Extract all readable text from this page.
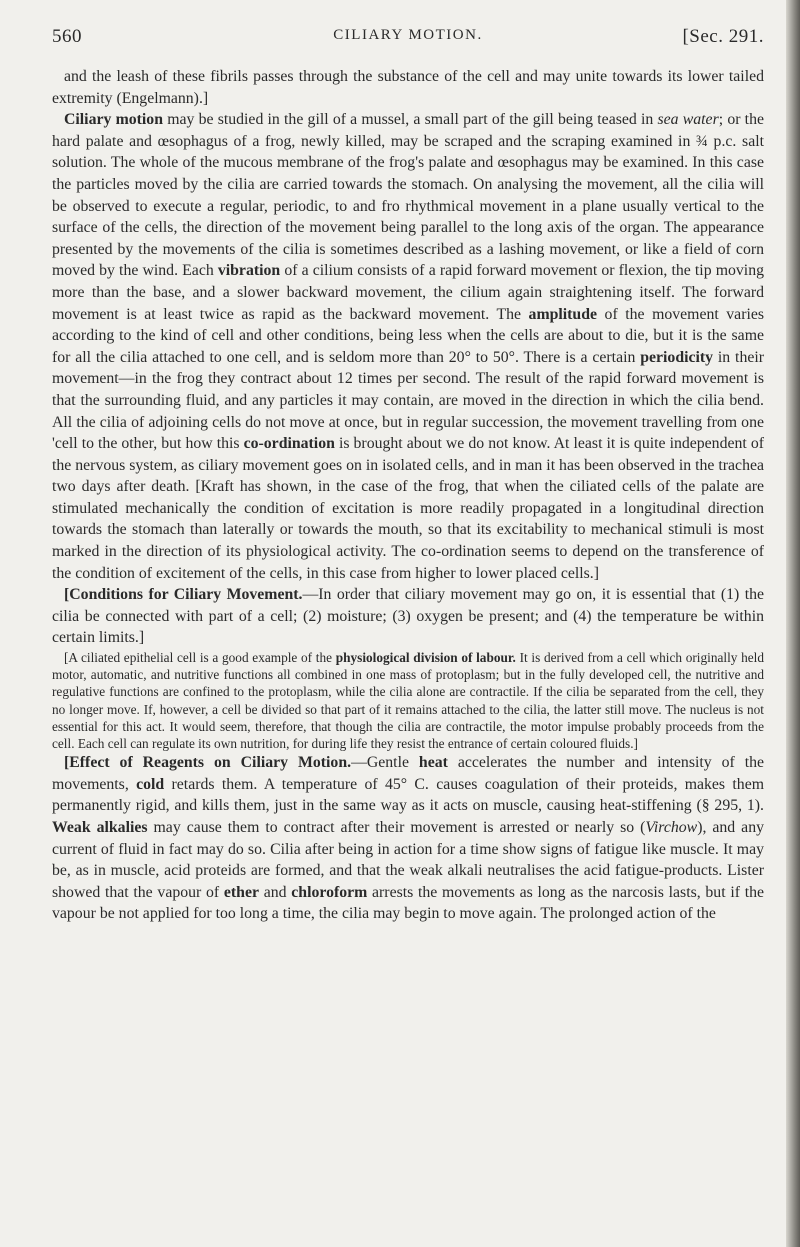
560	CILIARY MOTION.	[Sec. 291.

and the leash of these fibrils passes through the substance of the cell and may unite towards its lower tailed extremity (Engelmann).]

Ciliary motion may be studied in the gill of a mussel, a small part of the gill being teased in sea water; or the hard palate and œsophagus of a frog, newly killed, may be scraped and the scraping examined in ¾ p.c. salt solution. The whole of the mucous membrane of the frog's palate and œsophagus may be examined. In this case the particles moved by the cilia are carried towards the stomach. On analysing the movement, all the cilia will be observed to execute a regular, periodic, to and fro rhythmical movement in a plane usually vertical to the surface of the cells, the direction of the movement being parallel to the long axis of the organ. The appearance presented by the movements of the cilia is sometimes described as a lashing movement, or like a field of corn moved by the wind. Each vibration of a cilium consists of a rapid forward movement or flexion, the tip moving more than the base, and a slower backward movement, the cilium again straightening itself. The forward movement is at least twice as rapid as the backward movement. The amplitude of the movement varies according to the kind of cell and other conditions, being less when the cells are about to die, but it is the same for all the cilia attached to one cell, and is seldom more than 20° to 50°. There is a certain periodicity in their movement—in the frog they contract about 12 times per second. The result of the rapid forward movement is that the surrounding fluid, and any particles it may contain, are moved in the direction in which the cilia bend. All the cilia of adjoining cells do not move at once, but in regular succession, the movement travelling from one 'cell to the other, but how this co-ordination is brought about we do not know. At least it is quite independent of the nervous system, as ciliary movement goes on in isolated cells, and in man it has been observed in the trachea two days after death. [Kraft has shown, in the case of the frog, that when the ciliated cells of the palate are stimulated mechanically the condition of excitation is more readily propagated in a longitudinal direction towards the stomach than laterally or towards the mouth, so that its excitability to mechanical stimuli is most marked in the direction of its physiological activity. The co-ordination seems to depend on the transference of the condition of excitement of the cells, in this case from higher to lower placed cells.]

[Conditions for Ciliary Movement.—In order that ciliary movement may go on, it is essential that (1) the cilia be connected with part of a cell; (2) moisture; (3) oxygen be present; and (4) the temperature be within certain limits.]

[A ciliated epithelial cell is a good example of the physiological division of labour. It is derived from a cell which originally held motor, automatic, and nutritive functions all combined in one mass of protoplasm; but in the fully developed cell, the nutritive and regulative functions are confined to the protoplasm, while the cilia alone are contractile. If the cilia be separated from the cell, they no longer move. If, however, a cell be divided so that part of it remains attached to the cilia, the latter still move. The nucleus is not essential for this act. It would seem, therefore, that though the cilia are contractile, the motor impulse probably proceeds from the cell. Each cell can regulate its own nutrition, for during life they resist the entrance of certain coloured fluids.]

[Effect of Reagents on Ciliary Motion.—Gentle heat accelerates the number and intensity of the movements, cold retards them. A temperature of 45° C. causes coagulation of their proteids, makes them permanently rigid, and kills them, just in the same way as it acts on muscle, causing heat-stiffening (§ 295, 1). Weak alkalies may cause them to contract after their movement is arrested or nearly so (Virchow), and any current of fluid in fact may do so. Cilia after being in action for a time show signs of fatigue like muscle. It may be, as in muscle, acid proteids are formed, and that the weak alkali neutralises the acid fatigue-products. Lister showed that the vapour of ether and chloroform arrests the movements as long as the narcosis lasts, but if the vapour be not applied for too long a time, the cilia may begin to move again. The prolonged action of the
